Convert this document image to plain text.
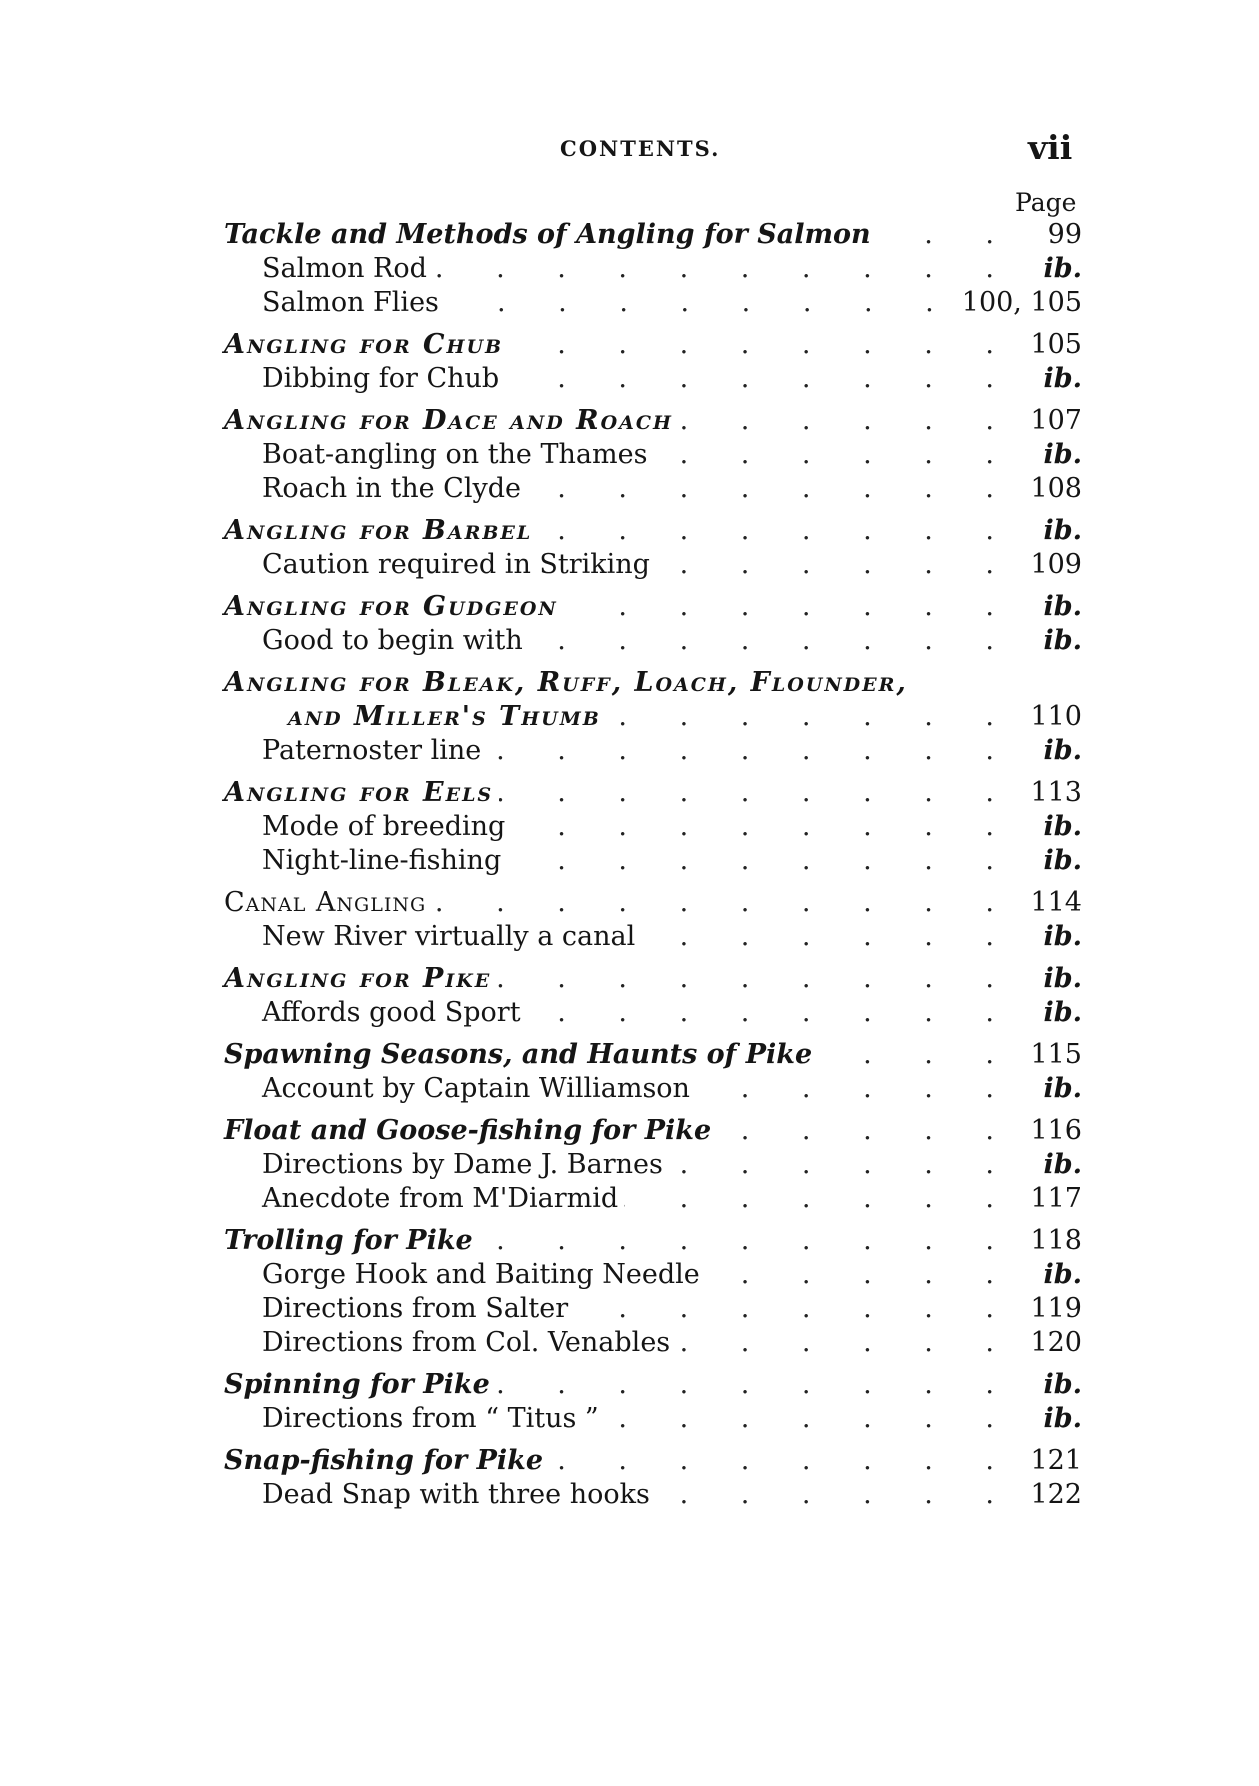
CONTENTS.	vii
Page
Tackle and Methods of Angling for Salmon . . .	99
Salmon Rod . . .	ib.
Salmon Flies . . .	100, 105
Angling for Chub . . .	105
Dibbing for Chub . . .	ib.
Angling for Dace and Roach . . .	107
Boat-angling on the Thames . . .	ib.
Roach in the Clyde . . .	108
Angling for Barbel . . .	ib.
Caution required in Striking . . .	109
Angling for Gudgeon . . .	ib.
Good to begin with . . .	ib.
Angling for Bleak, Ruff, Loach, Flounder,
and Miller's Thumb . . .	110
Paternoster line . . .	ib.
Angling for Eels . . .	113
Mode of breeding . . .	ib.
Night-line-fishing . . .	ib.
Canal Angling . . .	114
New River virtually a canal . . .	ib.
Angling for Pike . . .	ib.
Affords good Sport . . .	ib.
Spawning Seasons, and Haunts of Pike . . .	115
Account by Captain Williamson . . .	ib.
Float and Goose-fishing for Pike . . .	116
Directions by Dame J. Barnes . . .	ib.
Anecdote from M'Diarmid . . .	117
Trolling for Pike . . .	118
Gorge Hook and Baiting Needle . . .	ib.
Directions from Salter . . .	119
Directions from Col. Venables . . .	120
Spinning for Pike . . .	ib.
Directions from “ Titus ” . . .	ib.
Snap-fishing for Pike . . .	121
Dead Snap with three hooks . . .	122
